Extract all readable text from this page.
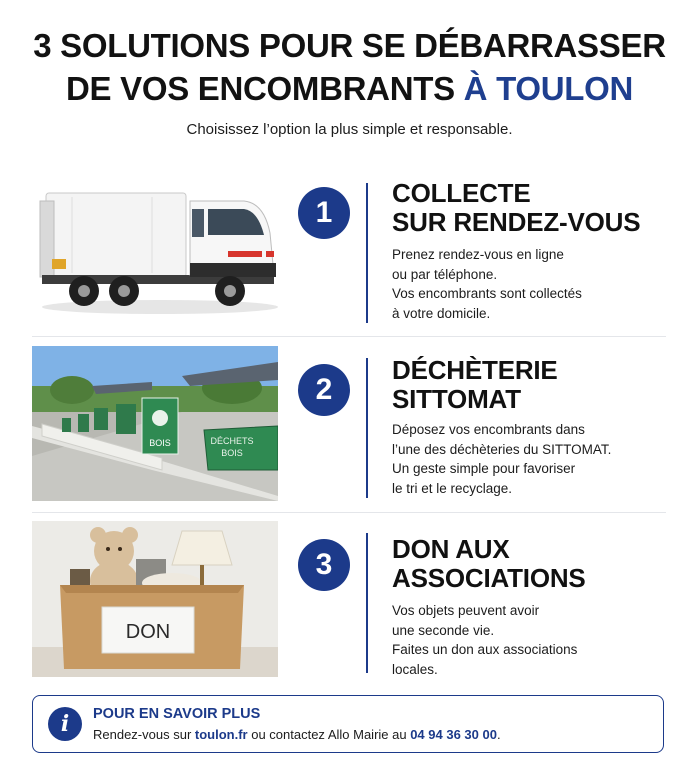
3 SOLUTIONS POUR SE DÉBARRASSER
DE VOS ENCOMBRANTS À TOULON
Choisissez l’option la plus simple et responsable.
1
COLLECTE
SUR RENDEZ-VOUS
Prenez rendez-vous en ligne
ou par téléphone.
Vos encombrants sont collectés
à votre domicile.
BOIS	DÉCHETS
BOIS
2
DÉCHÈTERIE
SITTOMAT
Déposez vos encombrants dans
l’une des déchèteries du SITTOMAT.
Un geste simple pour favoriser
le tri et le recyclage.
DON
3	DON AUX
ASSOCIATIONS
Vos objets peuvent avoir
une seconde vie.
Faites un don aux associations
locales.
i	POUR EN SAVOIR PLUS
Rendez-vous sur toulon.fr ou contactez Allo Mairie au 04 94 36 30 00.
